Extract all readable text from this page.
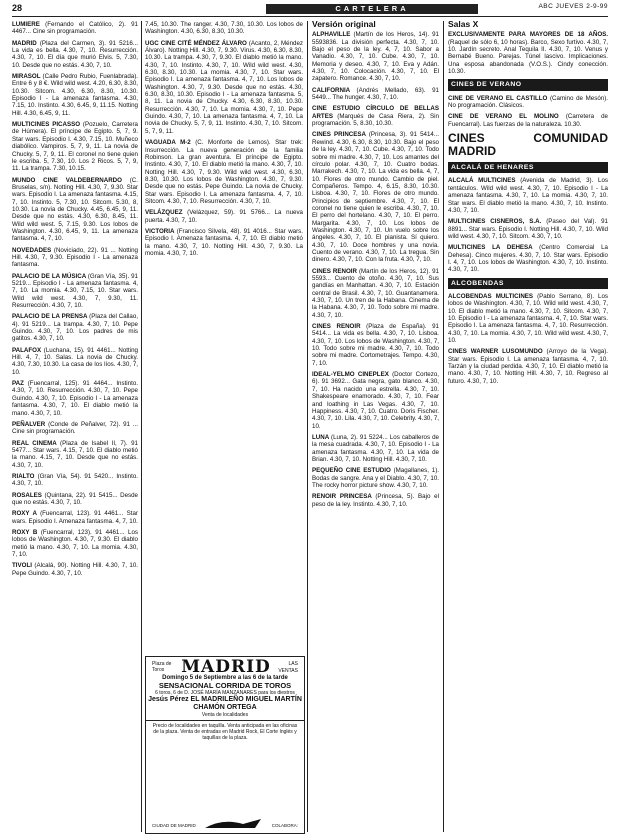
28	CARTELERA	ABC JUEVES 2-9-99
LUMIERE (Fernando el Católico, 2). 91 4467... Cine sin programación.
MADRID (Plaza del Carmen, 3). 91 5216... La vida es bella. 4.30, 7, 10. Resurrección. 4.30, 7, 10. El día que murió Elvis. 5, 7.30, 10. Desde que no estás. 4.30, 7, 10.
MIRASOL (Calle Pedro Rubio, Fuenlabrada). Entre 6 y 8 €. Wild wild west. 4.20, 6.30, 8.30, 10.30. Sitcom. 4.30, 6.30, 8.30, 10.30. Episodio I - La amenaza fantasma. 4.30, 7.15, 10. Instinto. 4.30, 6.45, 9, 11.15. Notting Hill. 4.30, 6.45, 9, 11.
MULTICINES PICASSO (Pozuelo, Carretera de Húmera). El príncipe de Egipto. 5, 7, 9. Star wars. Episodio I. 4.30, 7.15, 10. Muñeco diabólico. Vampiros. 5, 7, 9, 11. La novia de Chucky. 5, 7, 9, 11. El coronel no tiene quien le escriba. 5, 7.30, 10. Los 2 Ricos. 5, 7, 9, 11. La trampa. 7.30, 10.15.
MUNDO CINE VALDEBERNARDO (C. Bruselas, s/n). Notting Hill. 4.30, 7, 9.30. Star wars. Episodio I. La amenaza fantasma. 4.15, 7, 10. Instinto. 5, 7.30, 10. Sitcom. 5.30, 8, 10.30. La novia de Chucky. 4.45, 6.45, 9, 11. Desde que no estás. 4.30, 6.30, 8.45, 11. Wild wild west. 5, 7.15, 9.30. Los lobos de Washington. 4.30, 6.45, 9, 11. La amenaza fantasma. 4, 7, 10.
NOVEDADES (Noviciado, 22). 91 ... Notting Hill. 4.30, 7, 9.30. Episodio I - La amenaza fantasma.
PALACIO DE LA MÚSICA (Gran Vía, 35). 91 5219... Episodio I - La amenaza fantasma. 4, 7, 10. La momia. 4.30, 7.15, 10. Star wars. Wild wild west. 4.30, 7, 9.30, 11. Resurrección. 4.30, 7, 10.
PALACIO DE LA PRENSA (Plaza del Callao, 4). 91 5219... La trampa. 4.30, 7, 10. Pepe Guindo. 4.30, 7, 10. Los padres de mis gatitos. 4.30, 7, 10.
PALAFOX (Luchana, 15). 91 4461... Notting Hill. 4, 7, 10. Salas. La novia de Chucky. 4.30, 7.30, 10.30. La casa de los líos. 4.30, 7, 10.
PAZ (Fuencarral, 125). 91 4464... Instinto. 4.30, 7, 10. Resurrección. 4.30, 7, 10. Pepe Guindo. 4.30, 7, 10. Episodio I - La amenaza fantasma. 4.30, 7, 10. El diablo metió la mano. 4.30, 7, 10.
PEÑALVER (Conde de Peñalver, 72). 91 ... Cine sin programación.
REAL CINEMA (Plaza de Isabel II, 7). 91 5477... Star wars. 4.15, 7, 10. El diablo metió la mano. 4.15, 7, 10. Desde que no estás. 4.30, 7, 10.
RIALTO (Gran Vía, 54). 91 5420... Instinto. 4.30, 7, 10.
ROSALES (Quintana, 22). 91 5415... Desde que no estás. 4.30, 7, 10.
ROXY A (Fuencarral, 123). 91 4461... Star wars. Episodio I. Amenaza fantasma. 4, 7, 10.
ROXY B (Fuencarral, 123). 91 4461... Los lobos de Washington. 4.30, 7, 9.30. El diablo metió la mano. 4.30, 7, 10. La momia. 4.30, 7, 10.
TIVOLI (Alcalá, 90). Notting Hill. 4.30, 7, 10. Pepe Guindo. 4.30, 7, 10.
7.45, 10.30. The ranger. 4.30, 7.30, 10.30. Los lobos de Washington. 4.30, 6.30, 8.30, 10.30.
UGC CINE CITÉ MÉNDEZ ÁLVARO (Acanto, 2, Méndez Álvaro). Notting Hill. 4.30, 7, 9.30. Virus. 4.30, 6.30, 8.30, 10.30. La trampa. 4.30, 7, 9.30. El diablo metió la mano. 4.30, 7, 10. Instinto. 4.30, 7, 10. Wild wild west. 4.30, 6.30, 8.30, 10.30. La momia. 4.30, 7, 10. Star wars. Episodio I. La amenaza fantasma. 4, 7, 10. Los lobos de Washington. 4.30, 7, 9.30. Desde que no estás. 4.30, 6.30, 8.30, 10.30. Episodio I - La amenaza fantasma. 5, 8, 11. La novia de Chucky. 4.30, 6.30, 8.30, 10.30. Resurrección. 4.30, 7, 10. La momia. 4.30, 7, 10. Pepe Guindo. 4.30, 7, 10. La amenaza fantasma. 4, 7, 10. La novia de Chucky. 5, 7, 9, 11. Instinto. 4.30, 7, 10. Sitcom. 5, 7, 9, 11.
VAGUADA M-2 (C. Monforte de Lemos). Star trek: Insurrección. La nueva generación de la familia Robinson. La gran aventura. El príncipe de Egipto. Instinto. 4.30, 7, 10. El diablo metió la mano. 4.30, 7, 10. Notting Hill. 4.30, 7, 9.30. Wild wild west. 4.30, 6.30, 8.30, 10.30. Los lobos de Washington. 4.30, 7, 9.30. Desde que no estás. Pepe Guindo. La novia de Chucky. Star wars. Episodio I. La amenaza fantasma. 4, 7, 10. Sitcom. 4.30, 7, 10. Resurrección. 4.30, 7, 10.
VELÁZQUEZ (Velázquez, 59). 91 5766... La nueva puerta. 4.30, 7, 10.
VICTORIA (Francisco Silvela, 48). 91 4016... Star wars. Episodio I. Amenaza fantasma. 4, 7, 10. El diablo metió la mano. 4.30, 7, 10. Notting Hill. 4.30, 7, 9.30. La momia. 4.30, 7, 10.
Plaza de Toros MADRID	LAS VENTAS
Domingo 5 de Septiembre a las 6 de la tarde
SENSACIONAL CORRIDA DE TOROS
6 toros, 6 de D. JOSÉ MARÍA MANZANARES para los diestros
Jesús Pérez EL MADRILEÑO MIGUEL MARTÍN CHAMÓN ORTEGA
Venta de localidades
Precio de localidades en taquilla. Venta anticipada en las oficinas de la plaza. Venta de entradas en Madrid Rock, El Corte Inglés y taquillas de la plaza.
CIUDAD DE MADRID	COLABORA:
Versión original
ALPHAVILLE (Martín de los Heros, 14). 91 5593836. La división perfecta. 4.30, 7, 10. Bajo el peso de la ley. 4, 7, 10. Sabor a Vanadio. 4.30, 7, 10. Cube. 4.30, 7, 10. Memoria y deseo. 4.30, 7, 10. Eva y Adán. 4.30, 7, 10. Colocación. 4.30, 7, 10. El zapatero. Romance. 4.30, 7, 10.
CALIFORNIA (Andrés Mellado, 63). 91 5449... The hunger. 4.30, 7, 10.
CINE ESTUDIO CÍRCULO DE BELLAS ARTES (Marqués de Casa Riera, 2). Sin programación. 5, 8.30, 10.30.
CINES PRINCESA (Princesa, 3). 91 5414... Rewind. 4.30, 6.30, 8.30, 10.30. Bajo el peso de la ley. 4.30, 7, 10. Cube. 4.30, 7, 10. Todo sobre mi madre. 4.30, 7, 10. Los amantes del círculo polar. 4.30, 7, 10. Cuatro bodas. Marrakech. 4.30, 7, 10. La vida es bella. 4, 7, 10. Flores de otro mundo. Cambio de piel. Compañeros. Tempo. 4, 6.15, 8.30, 10.30. Lisboa. 4.30, 7, 10. Flores de otro mundo. Principios de septiembre. 4.30, 7, 10. El coronel no tiene quien le escriba. 4.30, 7, 10. El perro del hortelano. 4.30, 7, 10. El perro. Margarita. 4.30, 7, 10. Los lobos de Washington. 4.30, 7, 10. Un vuelo sobre los ángeles. 4.30, 7, 10. El pianista. Sí quiero. 4.30, 7, 10. Doce hombres y una novia. Cuento de verano. 4.30, 7, 10. La tregua. Sin dinero. 4.30, 7, 10. Con la fruta. 4.30, 7, 10.
CINES RENOIR (Martín de los Heros, 12). 91 5593... Cuento de otoño. 4.30, 7, 10. Sus gandías en Manhattan. 4.30, 7, 10. Estación central de Brasil. 4.30, 7, 10. Guantanamera. 4.30, 7, 10. Un tren de la Habana. Cinema de la Habana. 4.30, 7, 10. Todo sobre mi madre. 4.30, 7, 10.
CINES RENOIR (Plaza de España). 91 5414... La vida es bella. 4.30, 7, 10. Lisboa. 4.30, 7, 10. Los lobos de Washington. 4.30, 7, 10. Todo sobre mi madre. 4.30, 7, 10. Todo sobre mi madre. Cortometrajes. Tempo. 4.30, 7, 10.
IDEAL-YELMO CINEPLEX (Doctor Cortezo, 6). 91 3692... Gata negra, gato blanco. 4.30, 7, 10. Ha nacido una estrella. 4.30, 7, 10. Shakespeare enamorado. 4.30, 7, 10. Fear and loathing in Las Vegas. 4.30, 7, 10. Happiness. 4.30, 7, 10. Cuatro. Doris Fischer. 4.30, 7, 10. Lila. 4.30, 7, 10. Celebrity. 4.30, 7, 10.
LUNA (Luna, 2). 91 5224... Los caballeros de la mesa cuadrada. 4.30, 7, 10. Episodio I - La amenaza fantasma. 4.30, 7, 10. La vida de Brian. 4.30, 7, 10. Notting Hill. 4.30, 7, 10.
PEQUEÑO CINE ESTUDIO (Magallanes, 1). Bodas de sangre. Ana y el Diablo. 4.30, 7, 10. The rocky horror picture show. 4.30, 7, 10.
RENOIR PRINCESA (Princesa, 5). Bajo el peso de la ley. Instinto. 4.30, 7, 10.
Salas X
EXCLUSIVAMENTE PARA MAYORES DE 18 AÑOS. (Raquel de sólo 6, 10 horas). Barco, Sexo furtivo. 4.30, 7, 10. Jardín secreto. Anal Tequila II. 4.30, 7, 10. Venus y Bernabé Bueno. Parejas. Túnel lascivo. Implicaciones. Una esposa abandonada (V.O.S.). Cindy conección. 10.30.
CINES DE VERANO
CINE DE VERANO EL CASTILLO (Camino de Mesón). No programación. Clásicos.
CINE DE VERANO EL MOLINO (Carretera de Fuencarral). Las fuerzas de la naturaleza. 10.30.
CINES COMUNIDAD MADRID
ALCALÁ DE HENARES
ALCALÁ MULTICINES (Avenida de Madrid, 3). Los tentáculos. Wild wild west. 4.30, 7, 10. Episodio I - La amenaza fantasma. 4.30, 7, 10. La momia. 4.30, 7, 10. Star wars. El diablo metió la mano. 4.30, 7, 10. Instinto. 4.30, 7, 10.
MULTICINES CISNEROS, S.A. (Paseo del Val). 91 8891... Star wars. Episodio I. Notting Hill. 4.30, 7, 10. Wild wild west. 4.30, 7, 10. Sitcom. 4.30, 7, 10.
MULTICINES LA DEHESA (Centro Comercial La Dehesa). Cinco mujeres. 4.30, 7, 10. Star wars. Episodio I. 4, 7, 10. Los lobos de Washington. 4.30, 7, 10. Instinto. 4.30, 7, 10.
ALCOBENDAS
ALCOBENDAS MULTICINES (Pablo Serrano, 8). Los lobos de Washington. 4.30, 7, 10. Wild wild west. 4.30, 7, 10. El diablo metió la mano. 4.30, 7, 10. Sitcom. 4.30, 7, 10. Episodio I - La amenaza fantasma. 4, 7, 10. Star wars. Episodio I. La amenaza fantasma. 4, 7, 10. Resurrección. 4.30, 7, 10. La momia. 4.30, 7, 10. Wild wild west. 4.30, 7, 10.
CINES WARNER LUSOMUNDO (Arroyo de la Vega). Star wars. Episodio I. La amenaza fantasma. 4, 7, 10. Tarzán y la ciudad perdida. 4.30, 7, 10. El diablo metió la mano. 4.30, 7, 10. Notting Hill. 4.30, 7, 10. Regreso al futuro. 4.30, 7, 10.
